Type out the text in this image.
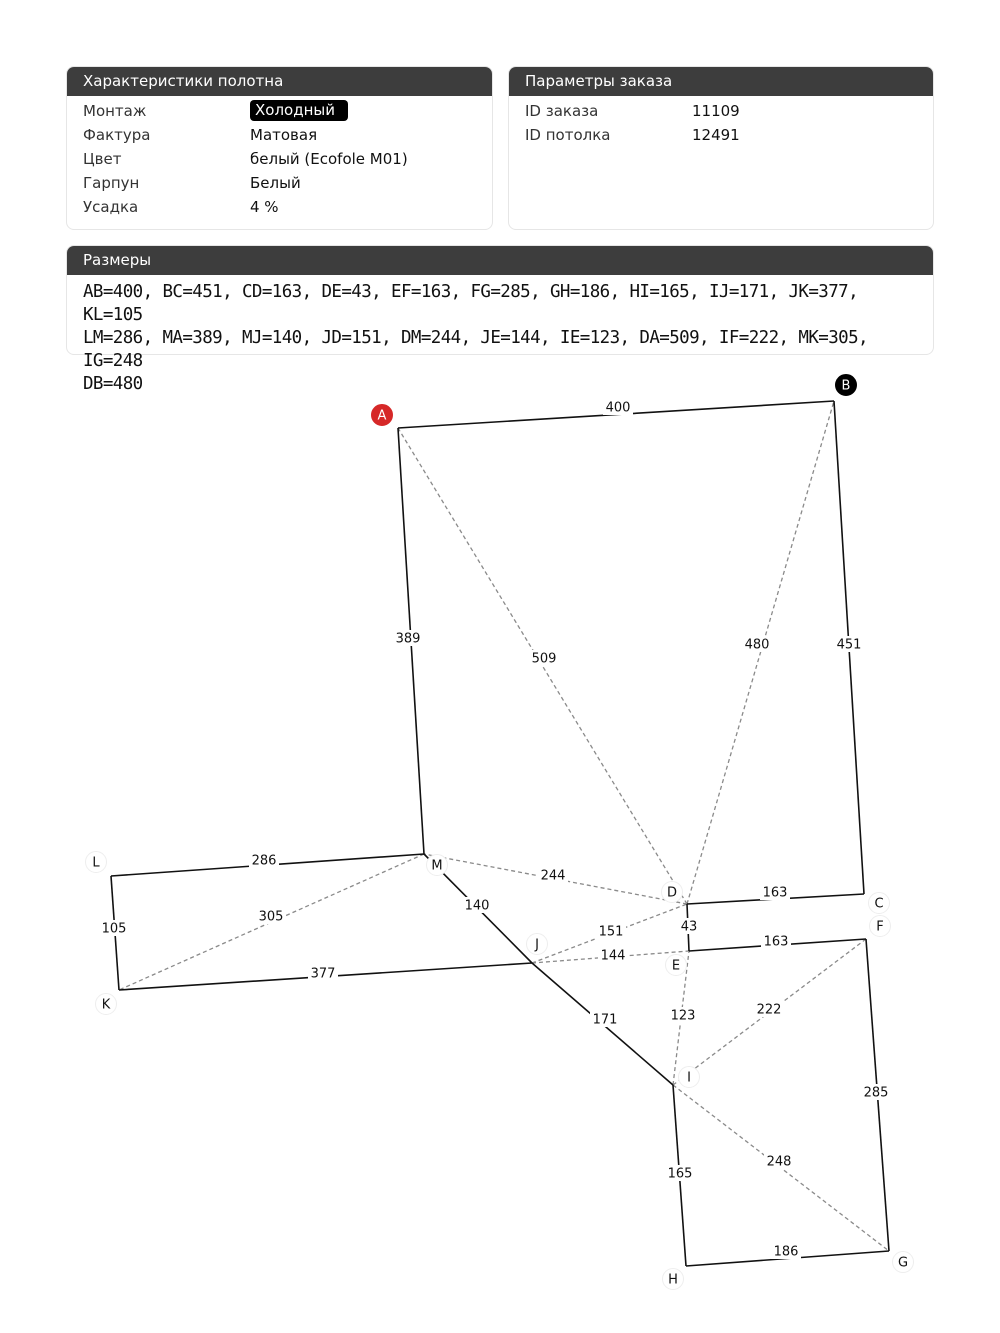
Характеристики полотна
Монтаж	Холодный
Фактура	Матовая
Цвет	белый (Ecofole M01)
Гарпун	Белый
Усадка	4 %
Параметры заказа
ID заказа	11109
ID потолка	12491
Размеры
AB=400, BC=451, CD=163, DE=43, EF=163, FG=285, GH=186, HI=165, IJ=171, JK=377, KL=105
LM=286, MA=389, MJ=140, JD=151, DM=244, JE=144, IE=123, DA=509, IF=222, MK=305, IG=248
DB=480
400
451
163
43
163
285
186
165
171
377
105
286
389
140
151
244
144
123
509
222
305
248
480
A
B
C
D
E
F
G
H
I
J
K
L	M
